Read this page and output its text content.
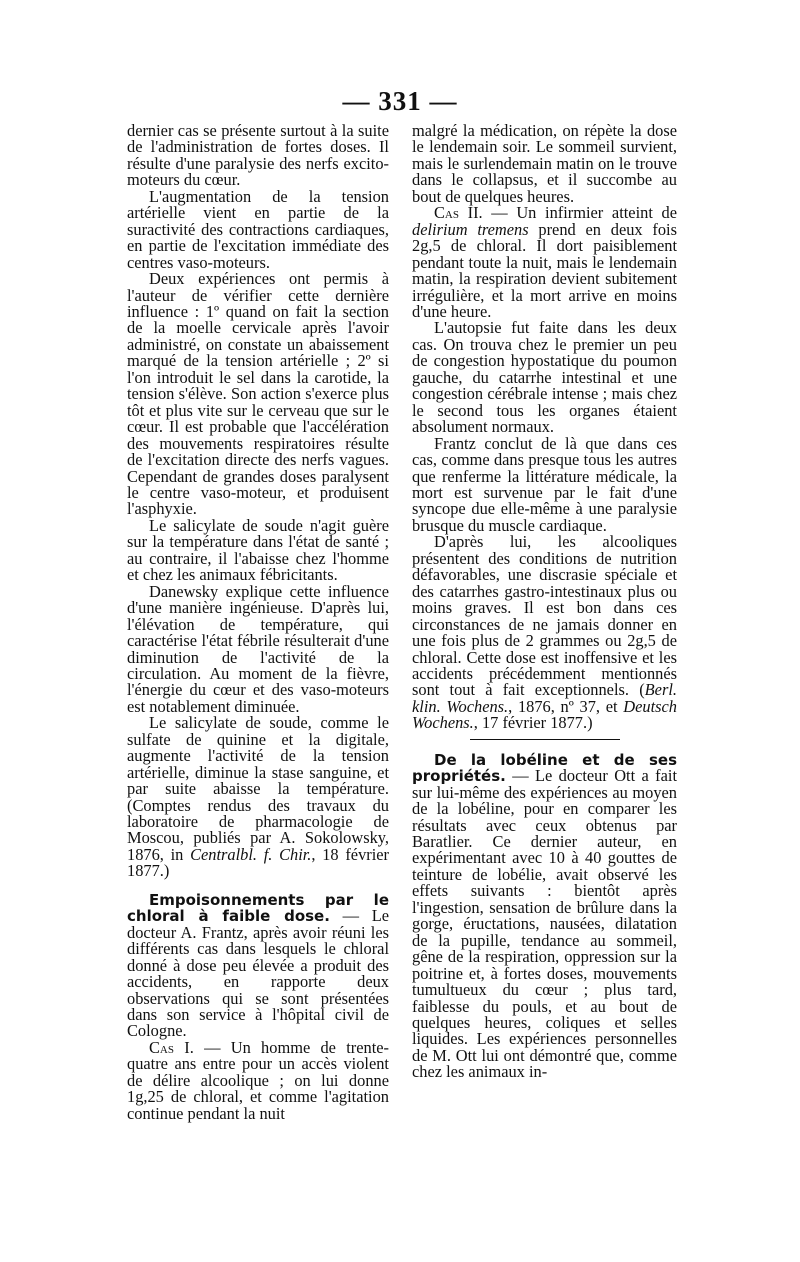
— 331 —

dernier cas se présente surtout à la suite de l'administration de fortes doses. Il résulte d'une paralysie des nerfs excito-moteurs du cœur.

L'augmentation de la tension artérielle vient en partie de la suractivité des contractions cardiaques, en partie de l'excitation immédiate des centres vaso-moteurs.

Deux expériences ont permis à l'auteur de vérifier cette dernière influence : 1º quand on fait la section de la moelle cervicale après l'avoir administré, on constate un abaissement marqué de la tension artérielle ; 2º si l'on introduit le sel dans la carotide, la tension s'élève. Son action s'exerce plus tôt et plus vite sur le cerveau que sur le cœur. Il est probable que l'accélération des mouvements respiratoires résulte de l'excitation directe des nerfs vagues. Cependant de grandes doses paralysent le centre vaso-moteur, et produisent l'asphyxie.

Le salicylate de soude n'agit guère sur la température dans l'état de santé ; au contraire, il l'abaisse chez l'homme et chez les animaux fébricitants.

Danewsky explique cette influence d'une manière ingénieuse. D'après lui, l'élévation de température, qui caractérise l'état fébrile résulterait d'une diminution de l'activité de la circulation. Au moment de la fièvre, l'énergie du cœur et des vaso-moteurs est notablement diminuée.

Le salicylate de soude, comme le sulfate de quinine et la digitale, augmente l'activité de la tension artérielle, diminue la stase sanguine, et par suite abaisse la température. (Comptes rendus des travaux du laboratoire de pharmacologie de Moscou, publiés par A. Sokolowsky, 1876, in Centralbl. f. Chir., 18 février 1877.)

Empoisonnements par le chloral à faible dose. — Le docteur A. Frantz, après avoir réuni les différents cas dans lesquels le chloral donné à dose peu élevée a produit des accidents, en rapporte deux observations qui se sont présentées dans son service à l'hôpital civil de Cologne.

Cas I. — Un homme de trente-quatre ans entre pour un accès violent de délire alcoolique ; on lui donne 1g,25 de chloral, et comme l'agitation continue pendant la nuit

malgré la médication, on répète la dose le lendemain soir. Le sommeil survient, mais le surlendemain matin on le trouve dans le collapsus, et il succombe au bout de quelques heures.

Cas II. — Un infirmier atteint de delirium tremens prend en deux fois 2g,5 de chloral. Il dort paisiblement pendant toute la nuit, mais le lendemain matin, la respiration devient subitement irrégulière, et la mort arrive en moins d'une heure.

L'autopsie fut faite dans les deux cas. On trouva chez le premier un peu de congestion hypostatique du poumon gauche, du catarrhe intestinal et une congestion cérébrale intense ; mais chez le second tous les organes étaient absolument normaux.

Frantz conclut de là que dans ces cas, comme dans presque tous les autres que renferme la littérature médicale, la mort est survenue par le fait d'une syncope due elle-même à une paralysie brusque du muscle cardiaque.

D'après lui, les alcooliques présentent des conditions de nutrition défavorables, une discrasie spéciale et des catarrhes gastro-intestinaux plus ou moins graves. Il est bon dans ces circonstances de ne jamais donner en une fois plus de 2 grammes ou 2g,5 de chloral. Cette dose est inoffensive et les accidents précédemment mentionnés sont tout à fait exceptionnels. (Berl. klin. Wochens., 1876, nº 37, et Deutsch Wochens., 17 février 1877.)

De la lobéline et de ses propriétés. — Le docteur Ott a fait sur lui-même des expériences au moyen de la lobéline, pour en comparer les résultats avec ceux obtenus par Baratlier. Ce dernier auteur, en expérimentant avec 10 à 40 gouttes de teinture de lobélie, avait observé les effets suivants : bientôt après l'ingestion, sensation de brûlure dans la gorge, éructations, nausées, dilatation de la pupille, tendance au sommeil, gêne de la respiration, oppression sur la poitrine et, à fortes doses, mouvements tumultueux du cœur ; plus tard, faiblesse du pouls, et au bout de quelques heures, coliques et selles liquides. Les expériences personnelles de M. Ott lui ont démontré que, comme chez les animaux in-
